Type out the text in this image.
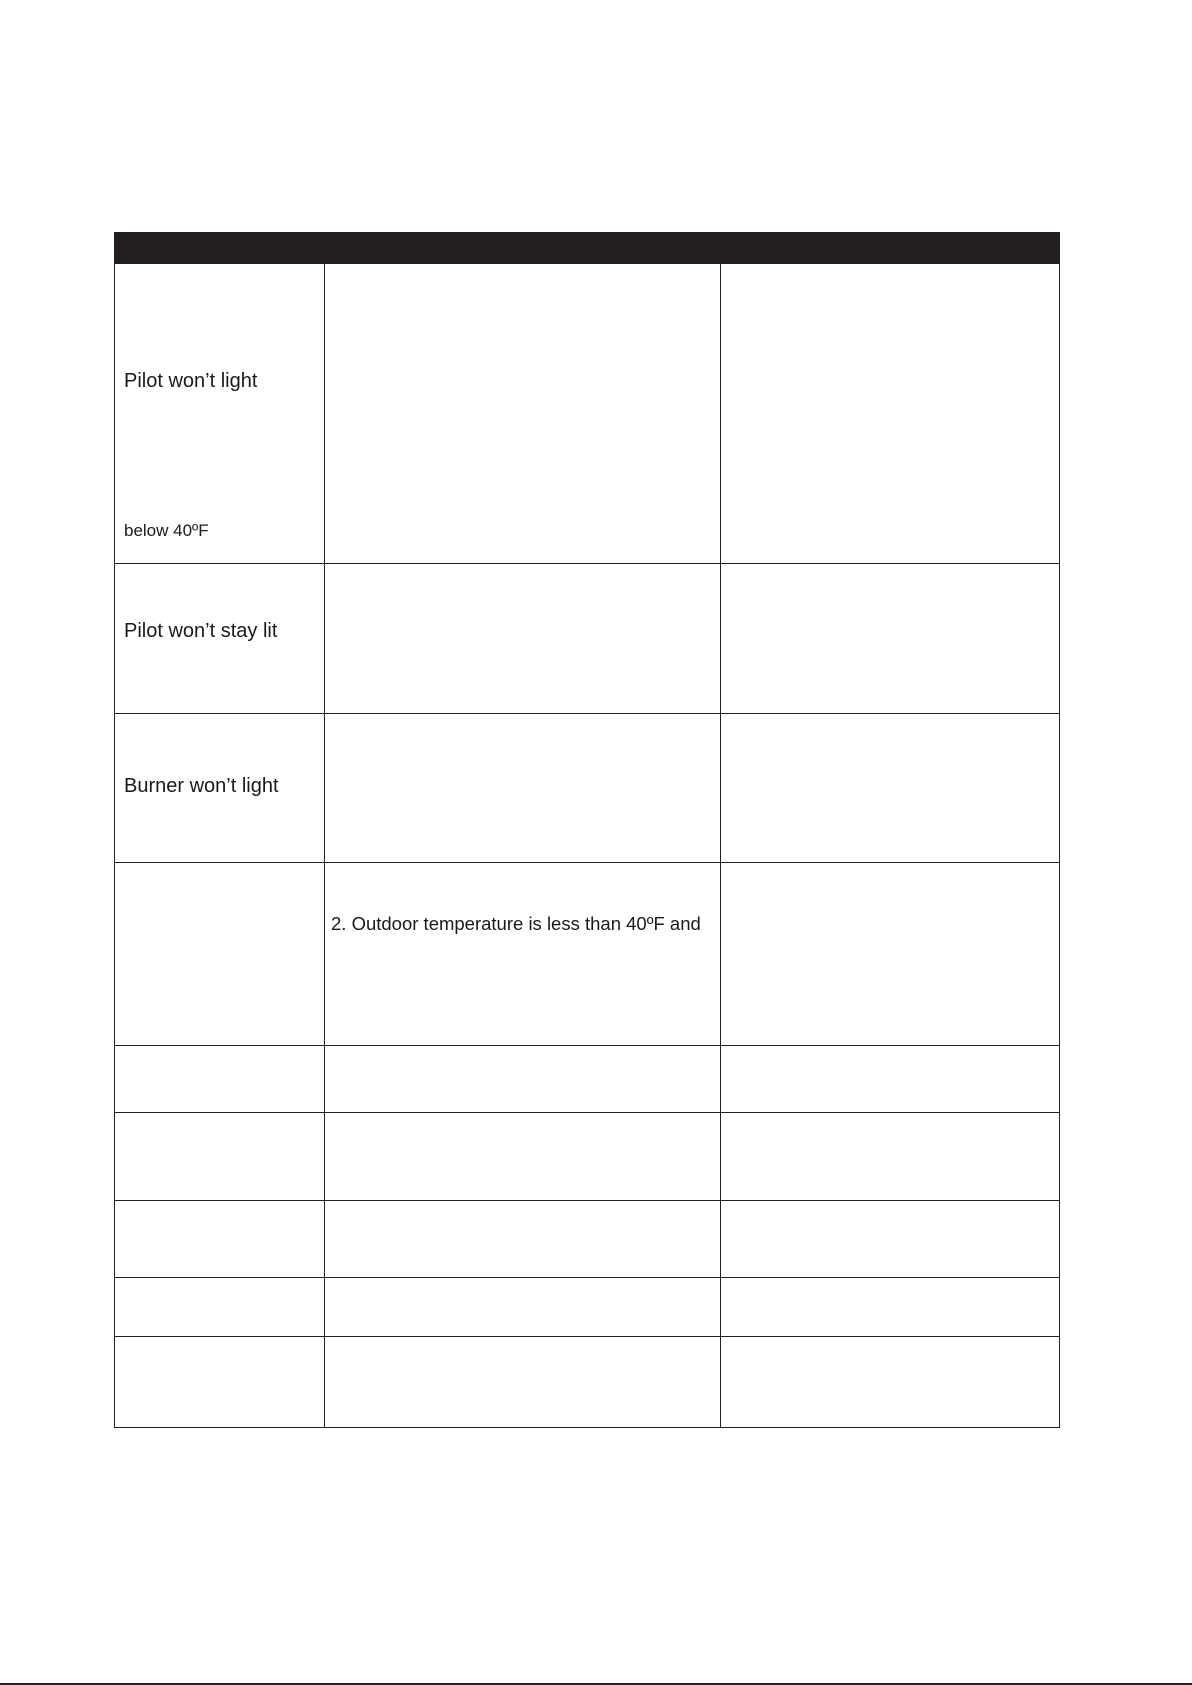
Pilot won’t light
below 40ºF		

Pilot won’t stay lit		

Burner won’t light		

	2. Outdoor temperature is less than 40ºF and	
